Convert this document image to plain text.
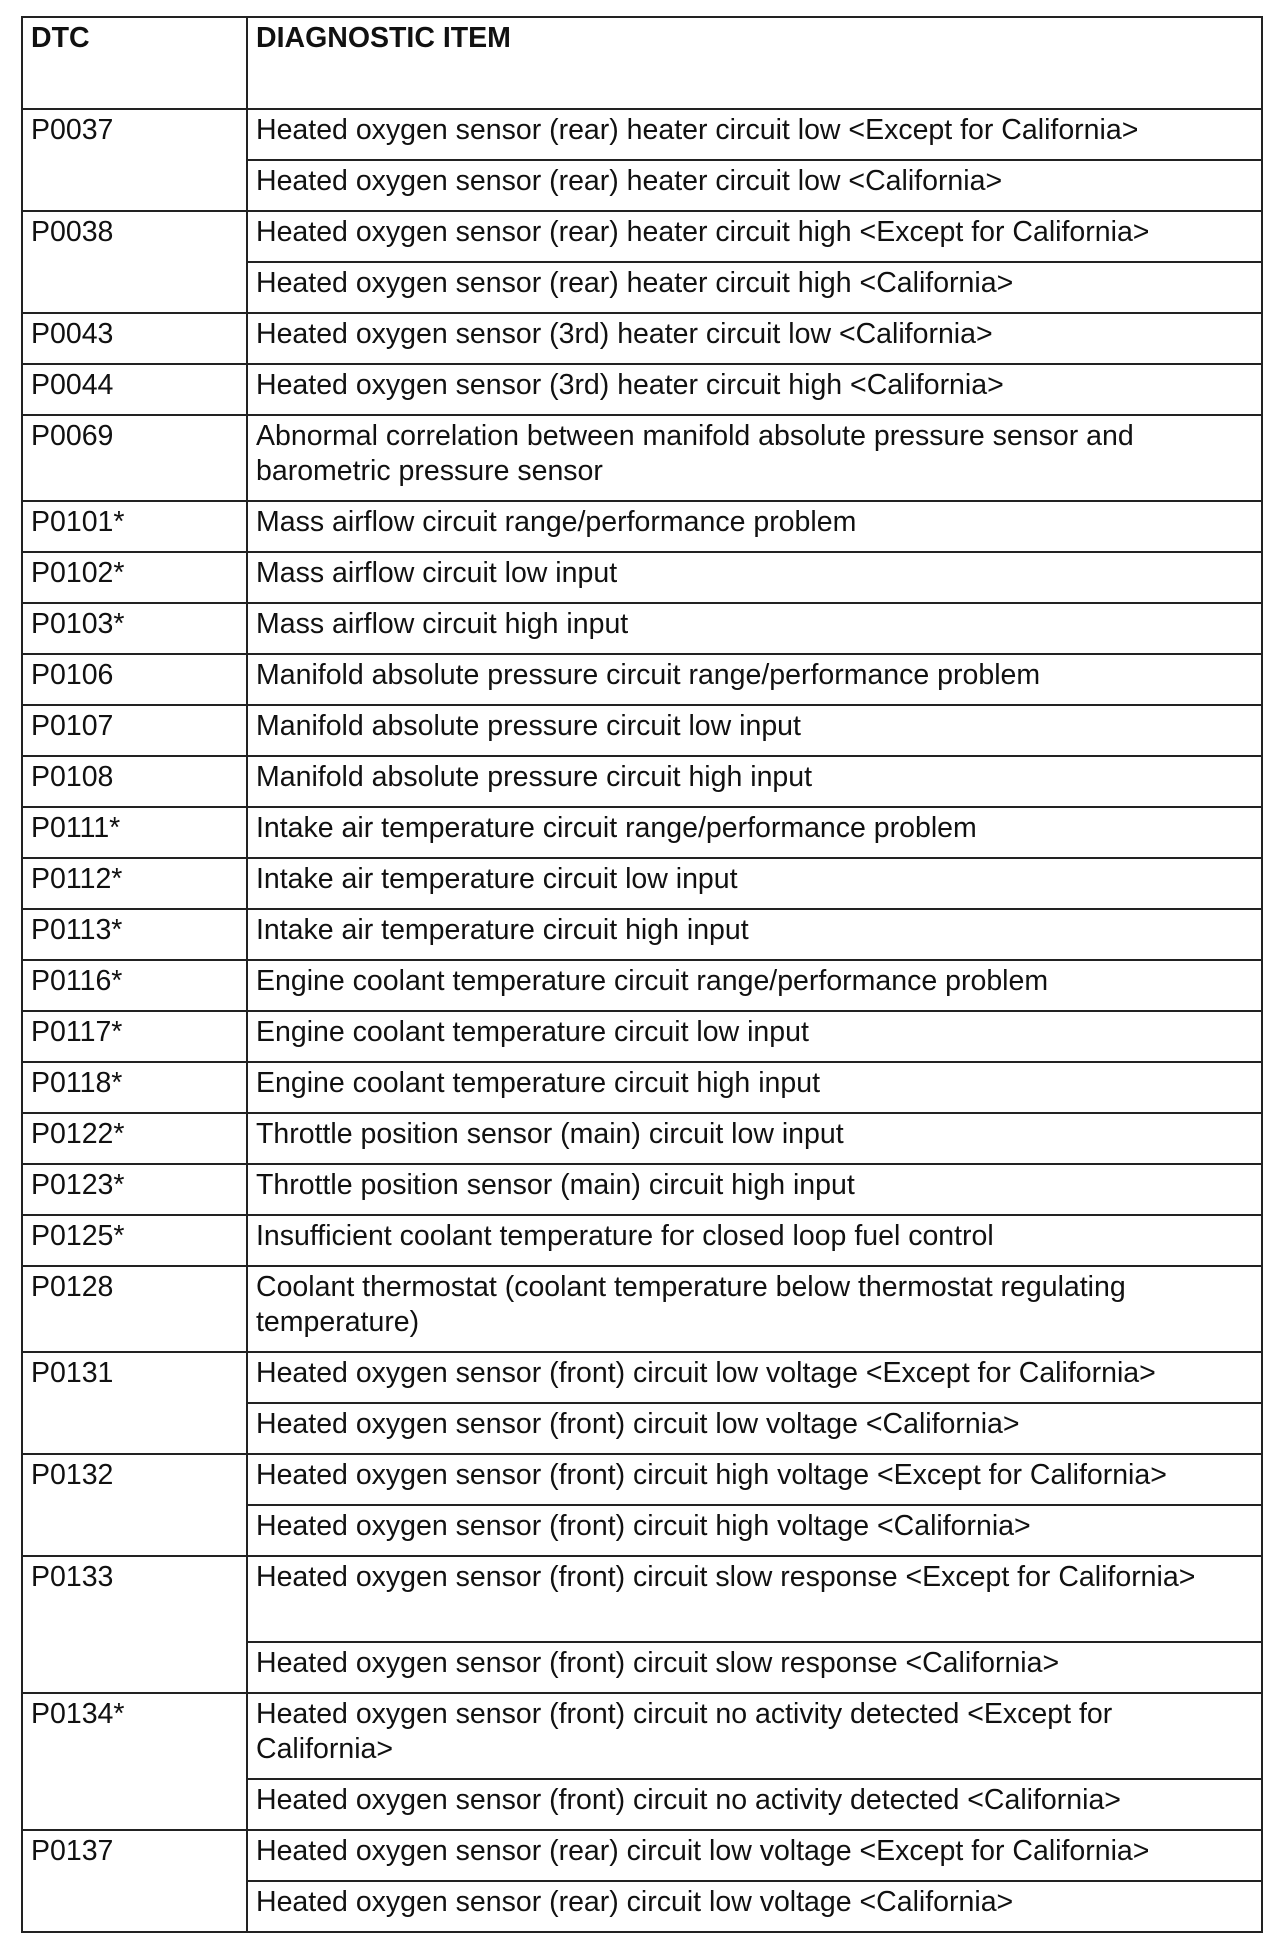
DTC	DIAGNOSTIC ITEM
P0037	Heated oxygen sensor (rear) heater circuit low <Except for California>
	Heated oxygen sensor (rear) heater circuit low <California>
P0038	Heated oxygen sensor (rear) heater circuit high <Except for California>
	Heated oxygen sensor (rear) heater circuit high <California>
P0043	Heated oxygen sensor (3rd) heater circuit low <California>
P0044	Heated oxygen sensor (3rd) heater circuit high <California>
P0069	Abnormal correlation between manifold absolute pressure sensor and barometric pressure sensor
P0101*	Mass airflow circuit range/performance problem
P0102*	Mass airflow circuit low input
P0103*	Mass airflow circuit high input
P0106	Manifold absolute pressure circuit range/performance problem
P0107	Manifold absolute pressure circuit low input
P0108	Manifold absolute pressure circuit high input
P0111*	Intake air temperature circuit range/performance problem
P0112*	Intake air temperature circuit low input
P0113*	Intake air temperature circuit high input
P0116*	Engine coolant temperature circuit range/performance problem
P0117*	Engine coolant temperature circuit low input
P0118*	Engine coolant temperature circuit high input
P0122*	Throttle position sensor (main) circuit low input
P0123*	Throttle position sensor (main) circuit high input
P0125*	Insufficient coolant temperature for closed loop fuel control
P0128	Coolant thermostat (coolant temperature below thermostat regulating temperature)
P0131	Heated oxygen sensor (front) circuit low voltage <Except for California>
	Heated oxygen sensor (front) circuit low voltage <California>
P0132	Heated oxygen sensor (front) circuit high voltage <Except for California>
	Heated oxygen sensor (front) circuit high voltage <California>
P0133	Heated oxygen sensor (front) circuit slow response <Except for California>
	Heated oxygen sensor (front) circuit slow response <California>
P0134*	Heated oxygen sensor (front) circuit no activity detected <Except for California>
	Heated oxygen sensor (front) circuit no activity detected <California>
P0137	Heated oxygen sensor (rear) circuit low voltage <Except for California>
	Heated oxygen sensor (rear) circuit low voltage <California>
